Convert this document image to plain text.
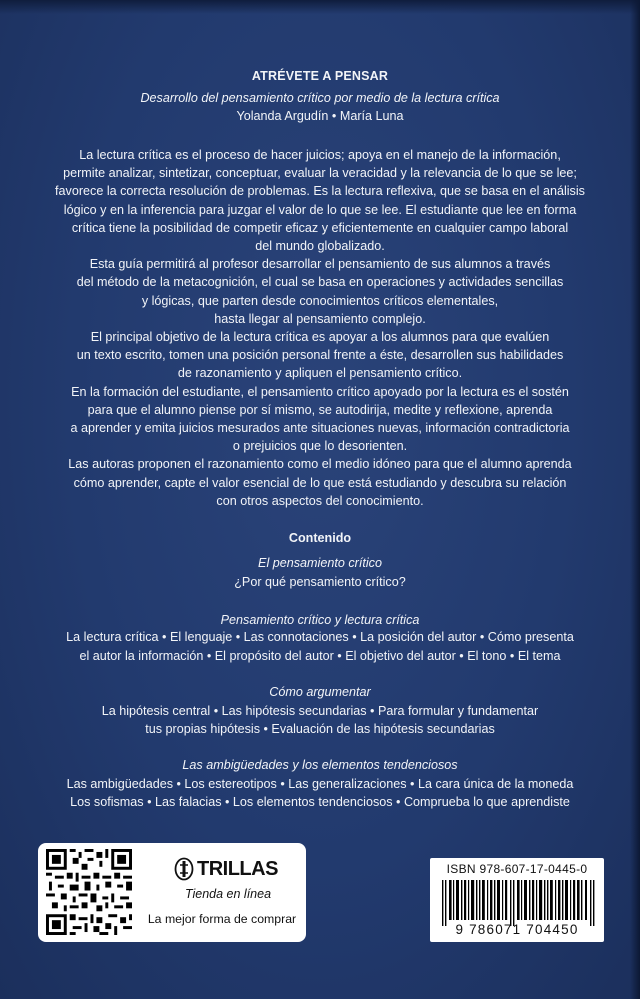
ATRÉVETE A PENSAR

Desarrollo del pensamiento crítico por medio de la lectura crítica

Yolanda Argudín • María Luna

La lectura crítica es el proceso de hacer juicios; apoya en el manejo de la información,
permite analizar, sintetizar, conceptuar, evaluar la veracidad y la relevancia de lo que se lee;
favorece la correcta resolución de problemas. Es la lectura reflexiva, que se basa en el análisis
lógico y en la inferencia para juzgar el valor de lo que se lee. El estudiante que lee en forma
crítica tiene la posibilidad de competir eficaz y eficientemente en cualquier campo laboral
del mundo globalizado.
Esta guía permitirá al profesor desarrollar el pensamiento de sus alumnos a través
del método de la metacognición, el cual se basa en operaciones y actividades sencillas
y lógicas, que parten desde conocimientos críticos elementales,
hasta llegar al pensamiento complejo.
El principal objetivo de la lectura crítica es apoyar a los alumnos para que evalúen
un texto escrito, tomen una posición personal frente a éste, desarrollen sus habilidades
de razonamiento y apliquen el pensamiento crítico.
En la formación del estudiante, el pensamiento crítico apoyado por la lectura es el sostén
para que el alumno piense por sí mismo, se autodirija, medite y reflexione, aprenda
a aprender y emita juicios mesurados ante situaciones nuevas, información contradictoria
o prejuicios que lo desorienten.
Las autoras proponen el razonamiento como el medio idóneo para que el alumno aprenda
cómo aprender, capte el valor esencial de lo que está estudiando y descubra su relación
con otros aspectos del conocimiento.

Contenido

El pensamiento crítico

¿Por qué pensamiento crítico?

Pensamiento crítico y lectura crítica

La lectura crítica • El lenguaje • Las connotaciones • La posición del autor • Cómo presenta

el autor la información • El propósito del autor • El objetivo del autor • El tono • El tema

Cómo argumentar

La hipótesis central • Las hipótesis secundarias • Para formular y fundamentar

tus propias hipótesis • Evaluación de las hipótesis secundarias

Las ambigüedades y los elementos tendenciosos

Las ambigüedades • Los estereotipos • Las generalizaciones • La cara única de la moneda

Los sofismas • Las falacias • Los elementos tendenciosos • Comprueba lo que aprendiste

TRILLAS
Tienda en línea
La mejor forma de comprar
ISBN 978-607-17-0445-0
9 786071 704450
